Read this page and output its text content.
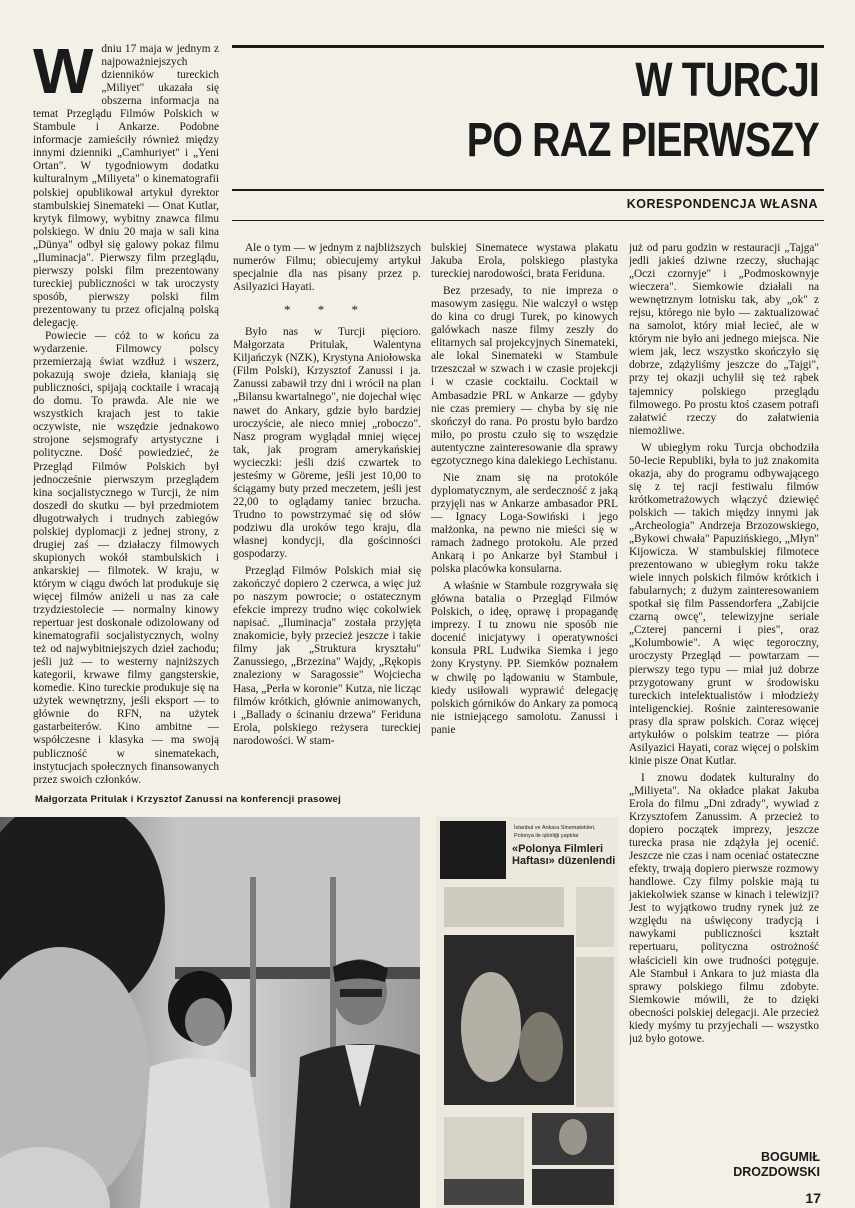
W TURCJI
PO RAZ PIERWSZY
KORESPONDENCJA WŁASNA
W dniu 17 maja w jednym z najpoważniejszych dzienników tureckich „Miliyet" ukazała się obszerna informacja na temat Przeglądu Filmów Polskich w Stambule i Ankarze. Podobne informacje zamieściły również między innymi dzienniki „Camhuriyet" i „Yeni Ortan". W tygodniowym dodatku kulturalnym „Miliyeta" o kinematografii polskiej opublikował artykuł dyrektor stambulskiej Sinemateki — Onat Kutlar, krytyk filmowy, wybitny znawca filmu polskiego. W dniu 20 maja w sali kina „Dünya" odbył się galowy pokaz filmu „Iluminacja". Pierwszy film przeglądu, pierwszy polski film prezentowany tureckiej publiczności w tak uroczysty sposób, pierwszy polski film prezentowany tu przez oficjalną polską delegację.

Powiecie — cóż to w końcu za wydarzenie. Filmowcy polscy przemierzają świat wzdłuż i wszerz, pokazują swoje dzieła, kłaniają się publiczności, spijają cocktaile i wracają do domu. To prawda. Ale nie we wszystkich krajach jest to takie oczywiste, nie wszędzie jednakowo strojone sejsmografy artystyczne i polityczne. Dość powiedzieć, że Przegląd Filmów Polskich był jednocześnie pierwszym przeglądem kina socjalistycznego w Turcji, że nim doszedł do skutku — był przedmiotem długotrwałych i trudnych zabiegów polskiej dyplomacji z jednej strony, z drugiej zaś — działaczy filmowych skupionych wokół stambulskich i ankarskiej — filmotek. W kraju, w którym w ciągu dwóch lat produkuje się więcej filmów aniżeli u nas za całe trzydziestolecie — normalny kinowy repertuar jest doskonale odizolowany od kinematografii socjalistycznych, wolny też od najwybitniejszych dzieł zachodu; jeśli już — to westerny najniższych kategorii, krwawe filmy gangsterskie, komedie. Kino tureckie produkuje się na użytek wewnętrzny, jeśli eksport — to głównie do RFN, na użytek gastarbeiterów. Kino ambitne — współczesne i klasyka — ma swoją publiczność w sinematekach, instytucjach społecznych finansowanych przez swoich członków.

Ale o tym — w jednym z najbliższych numerów Filmu; obiecujemy artykuł specjalnie dla nas pisany przez p. Asilyazici Hayati.

* * *

Było nas w Turcji pięcioro. Małgorzata Pritulak, Walentyna Kiljańczyk (NZK), Krystyna Aniołowska (Film Polski), Krzysztof Zanussi i ja. Zanussi zabawił trzy dni i wrócił na plan „Bilansu kwartalnego", nie dojechał więc nawet do Ankary, gdzie było bardziej uroczyście, ale nieco mniej „roboczo". Nasz program wyglądał mniej więcej tak, jak program amerykańskiej wycieczki: jeśli dziś czwartek to jesteśmy w Göreme, jeśli jest 10,00 to ściągamy buty przed meczetem, jeśli jest 22,00 to oglądamy taniec brzucha. Trudno to powstrzymać się od słów podziwu dla uroków tego kraju, dla własnej kondycji, dla gościnności gospodarzy.

Przegląd Filmów Polskich miał się zakończyć dopiero 2 czerwca, a więc już po naszym powrocie; o ostatecznym efekcie imprezy trudno więc cokolwiek napisać. „Iluminacja" została przyjęta znakomicie, były przecież jeszcze i takie filmy jak „Struktura kryształu" Zanussiego, „Brzezina" Wajdy, „Rękopis znaleziony w Saragossie" Wojciecha Hasa, „Perła w koronie" Kutza, nie licząc filmów krótkich, głównie animowanych, i „Ballady o ścinaniu drzewa" Feriduna Erola, polskiego reżysera tureckiej narodowości. W stam-

bulskiej Sinematece wystawa plakatu Jakuba Erola, polskiego plastyka tureckiej narodowości, brata Feriduna.

Bez przesady, to nie impreza o masowym zasięgu. Nie walczył o wstęp do kina co drugi Turek, po kinowych galówkach nasze filmy zeszły do elitarnych sal projekcyjnych Sinemateki, ale lokal Sinemateki w Stambule trzeszczał w szwach i w czasie projekcji i w czasie cocktailu. Cocktail w Ambasadzie PRL w Ankarze — gdyby nie czas premiery — chyba by się nie skończył do rana. Po prostu było bardzo miło, po prostu czuło się to wszędzie autentyczne zainteresowanie dla sprawy egzotycznego kina dalekiego Lechistanu.

Nie znam się na protokóle dyplomatycznym, ale serdeczność z jaką przyjęli nas w Ankarze ambasador PRL — Ignacy Loga-Sowiński i jego małżonka, na pewno nie mieści się w ramach żadnego protokołu. Ale przed Ankarą i po Ankarze był Stambuł i polska placówka konsularna.

A właśnie w Stambule rozgrywała się główna batalia o Przegląd Filmów Polskich, o ideę, oprawę i propagandę imprezy. I tu znowu nie sposób nie docenić inicjatywy i operatywności konsula PRL Ludwika Siemka i jego żony Krystyny. PP. Siemków poznałem w chwilę po lądowaniu w Stambule, kiedy usiłowali wyprawić delegację polskich górników do Ankary za pomocą nie istniejącego samolotu. Zanussi i panie

już od paru godzin w restauracji „Tajga" jedli jakieś dziwne rzeczy, słuchając „Oczi czornyje" i „Podmoskownyje wieczera". Siemkowie działali na wewnętrznym lotnisku tak, aby „ok" z rejsu, którego nie było — zaktualizować na samolot, który miał lecieć, ale w którym nie było ani jednego miejsca. Nie wiem jak, lecz wszystko skończyło się dobrze, zdążyliśmy jeszcze do „Tajgi", przy tej okazji uchylił się też rąbek tajemnicy polskiego przeglądu filmowego. Po prostu ktoś czasem potrafi załatwić rzeczy do załatwienia niemożliwe.

W ubiegłym roku Turcja obchodziła 50-lecie Republiki, była to już znakomita okazja, aby do programu odbywającego się z tej racji festiwalu filmów krótkometrażowych włączyć dziewięć polskich — takich między innymi jak „Archeologia" Andrzeja Brzozowskiego, „Bykowi chwała" Papuzińskiego, „Młyn" Kijowicza. W stambulskiej filmotece prezentowano w ubiegłym roku także wiele innych polskich filmów krótkich i fabularnych; z dużym zainteresowaniem spotkał się film Passendorfera „Zabijcie czarną owcę", telewizyjne seriale „Czterej pancerni i pies", oraz „Kolumbowie". A więc tegoroczny, uroczysty Przegląd — powtarzam — pierwszy tego typu — miał już dobrze przygotowany grunt w środowisku tureckich intelektualistów i młodzieży inteligenckiej. Rośnie zainteresowanie prasy dla spraw polskich. Coraz więcej artykułów o polskim teatrze — pióra Asilyazici Hayati, coraz więcej o polskim kinie pisze Onat Kutlar.

I znowu dodatek kulturalny do „Miliyeta". Na okładce plakat Jakuba Erola do filmu „Dni zdrady", wywiad z Krzysztofem Zanussim. A przecież to dopiero początek imprezy, jeszcze turecka prasa nie zdążyła jej ocenić. Jeszcze nie czas i nam oceniać ostateczne efekty, trwają dopiero pierwsze rozmowy handlowe. Czy filmy polskie mają tu jakiekolwiek szanse w kinach i telewizji? Jest to wyjątkowo trudny rynek już ze względu na uświęcony tradycją i nawykami publiczności kształt repertuaru, polityczna ostrożność właścicieli kin owe trudności potęguje. Ale Stambuł i Ankara to już miasta dla sprawy polskiego filmu zdobyte. Siemkowie mówili, że to dzięki obecności polskiej delegacji. Ale przecież kiedy myśmy tu przyjechali — wszystko już było gotowe.

Małgorzata Pritulak i Krzysztof Zanussi na konferencji prasowej
İstanbul ve Ankara Sinematekleri,
Polonya ile işbirliği yaptılar
«Polonya Filmleri Haftası» düzenlendi
BOGUMIŁ
DROZDOWSKI
17
